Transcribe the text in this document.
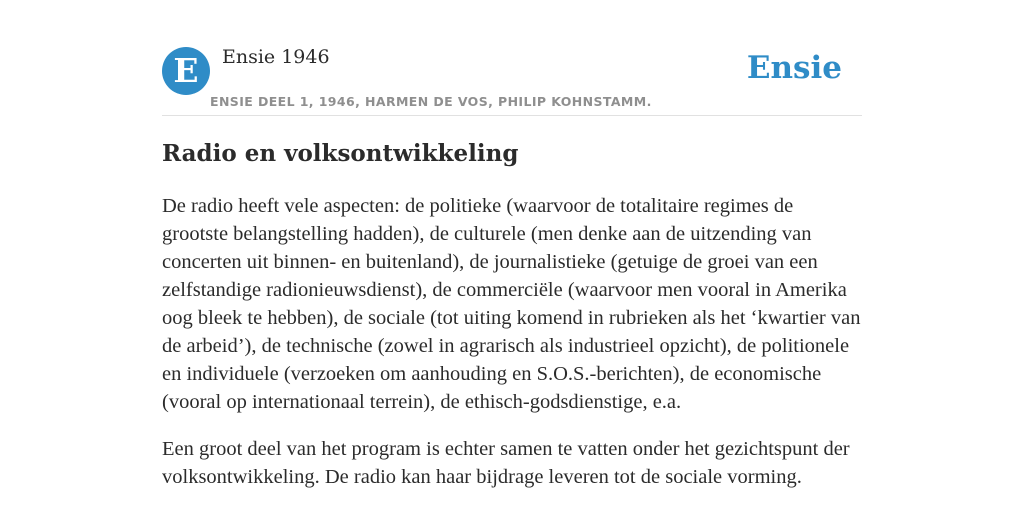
E	Ensie 1946
ENSIE DEEL 1, 1946, HARMEN DE VOS, PHILIP KOHNSTAMM.
Ensie
Radio en volksontwikkeling

De radio heeft vele aspecten: de politieke (waarvoor de totalitaire regimes de grootste belangstelling hadden), de culturele (men denke aan de uitzending van concerten uit binnen- en buitenland), de journalistieke (getuige de groei van een zelfstandige radionieuwsdienst), de commerciële (waarvoor men vooral in Amerika oog bleek te hebben), de sociale (tot uiting komend in rubrieken als het ‘kwartier van de arbeid’), de technische (zowel in agrarisch als industrieel opzicht), de politionele en individuele (verzoeken om aanhouding en S.O.S.-berichten), de economische (vooral op internationaal terrein), de ethisch-godsdienstige, e.a.

Een groot deel van het program is echter samen te vatten onder het gezichtspunt der volksontwikkeling. De radio kan haar bijdrage leveren tot de sociale vorming.
